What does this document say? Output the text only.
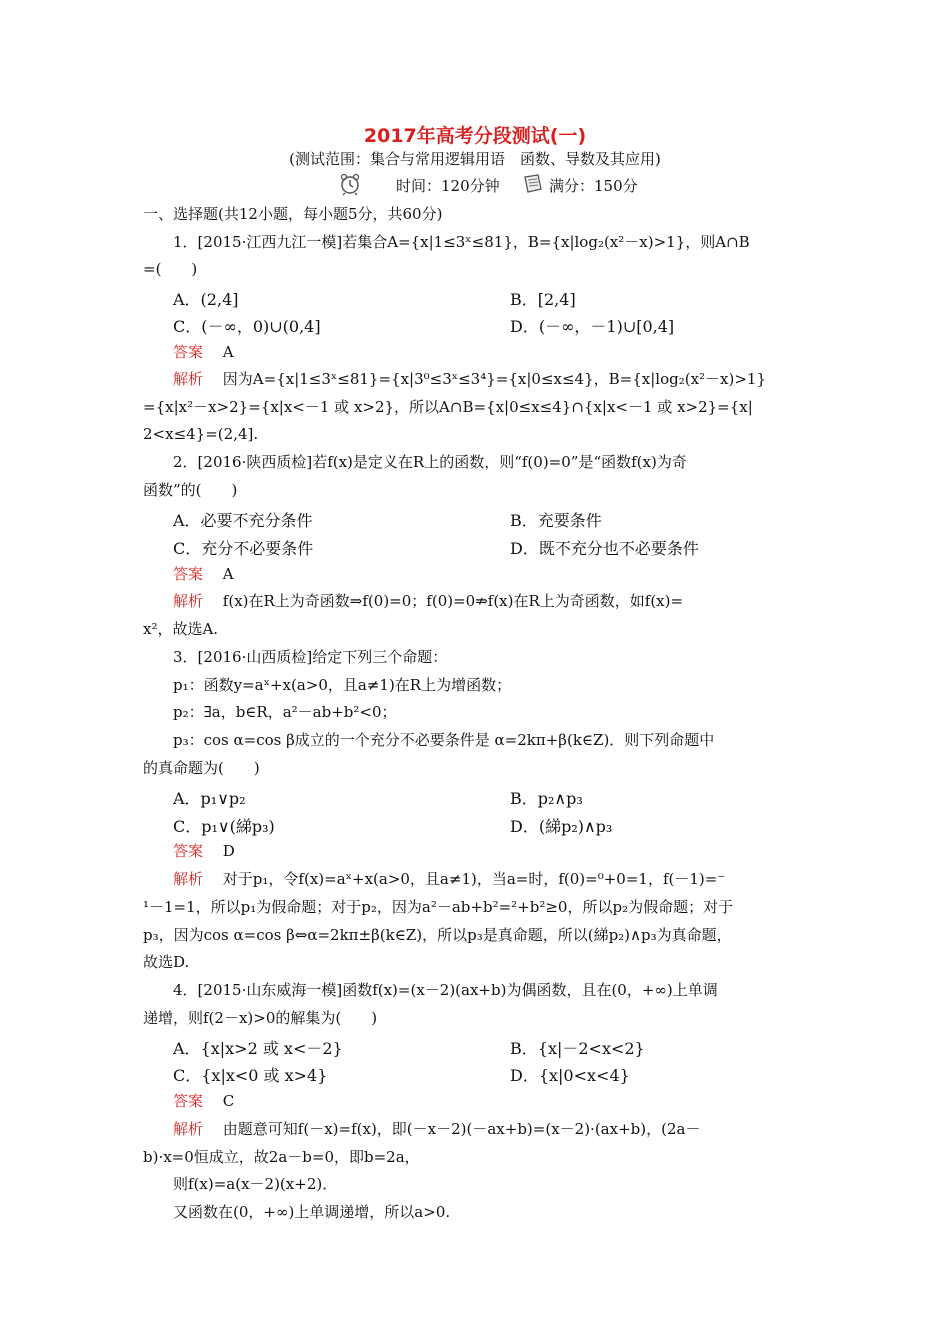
2017年高考分段测试(一)
(测试范围：集合与常用逻辑用语　函数、导数及其应用)
时间：120分钟	满分：150分
一、选择题(共12小题，每小题5分，共60分)
1．[2015·江西九江一模]若集合A={x|1≤3ˣ≤81}，B={x|log₂(x²－x)>1}，则A∩B
=(　　)
A．(2,4]	B．[2,4]
C．(－∞，0)∪(0,4]	D．(－∞，－1)∪[0,4]
答案　 A
解析　 因为A={x|1≤3ˣ≤81}={x|3⁰≤3ˣ≤3⁴}={x|0≤x≤4}，B={x|log₂(x²－x)>1}
={x|x²－x>2}={x|x<－1 或 x>2}，所以A∩B={x|0≤x≤4}∩{x|x<－1 或 x>2}={x|
2<x≤4}=(2,4].
2．[2016·陕西质检]若f(x)是定义在R上的函数，则“f(0)=0”是“函数f(x)为奇
函数”的(　　)
A．必要不充分条件	B．充要条件
C．充分不必要条件	D．既不充分也不必要条件
答案　 A
解析　 f(x)在R上为奇函数⇒f(0)=0；f(0)=0⇏f(x)在R上为奇函数，如f(x)=
x²，故选A.
3．[2016·山西质检]给定下列三个命题：
p₁：函数y=aˣ+x(a>0，且a≠1)在R上为增函数；
p₂：∃a，b∈R，a²－ab+b²<0；
p₃：cos α=cos β成立的一个充分不必要条件是 α=2kπ+β(k∈Z)．则下列命题中
的真命题为(　　)
A．p₁∨p₂	B．p₂∧p₃
C．p₁∨(綈p₃)	D．(綈p₂)∧p₃
答案　 D
解析　 对于p₁，令f(x)=aˣ+x(a>0，且a≠1)，当a=时，f(0)=⁰+0=1，f(－1)=⁻
¹－1=1，所以p₁为假命题；对于p₂，因为a²－ab+b²=²+b²≥0，所以p₂为假命题；对于
p₃，因为cos α=cos β⇔α=2kπ±β(k∈Z)，所以p₃是真命题，所以(綈p₂)∧p₃为真命题，
故选D.
4．[2015·山东威海一模]函数f(x)=(x－2)(ax+b)为偶函数，且在(0，+∞)上单调
递增，则f(2－x)>0的解集为(　　)
A．{x|x>2 或 x<－2}	B．{x|－2<x<2}
C．{x|x<0 或 x>4}	D．{x|0<x<4}
答案　 C
解析　 由题意可知f(－x)=f(x)，即(－x－2)(－ax+b)=(x－2)·(ax+b)，(2a－
b)·x=0恒成立，故2a－b=0，即b=2a，
则f(x)=a(x－2)(x+2)．
又函数在(0，+∞)上单调递增，所以a>0.
